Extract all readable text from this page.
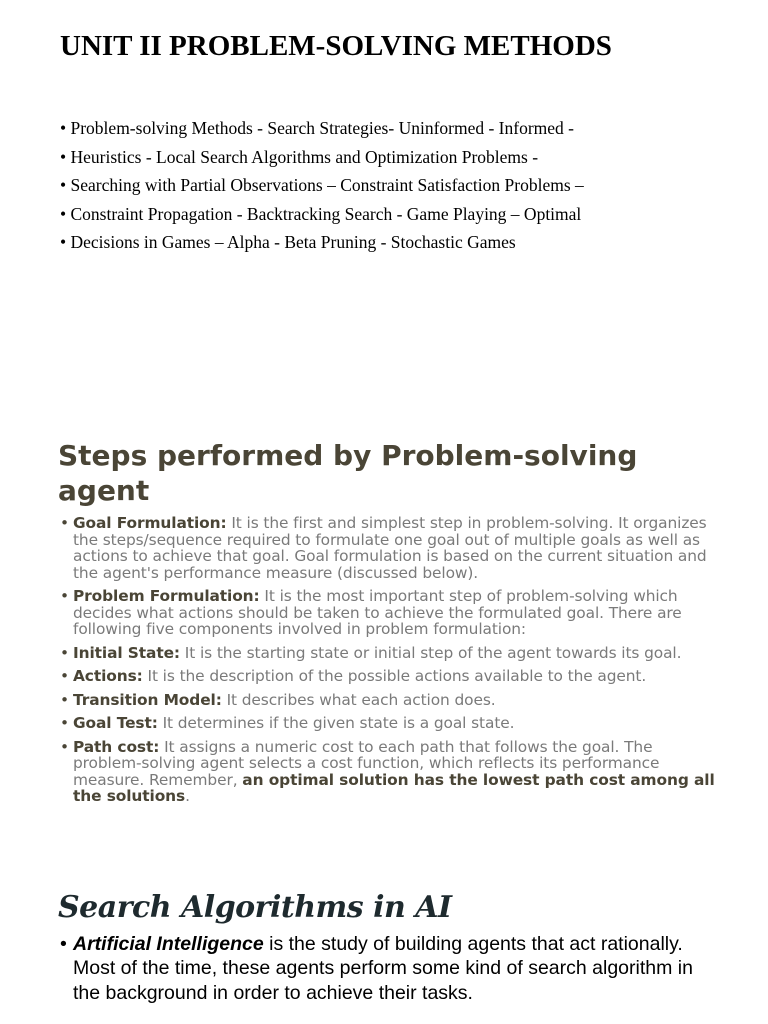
UNIT II PROBLEM-SOLVING METHODS
• Problem-solving Methods - Search Strategies- Uninformed - Informed -
• Heuristics - Local Search Algorithms and Optimization Problems -
• Searching with Partial Observations – Constraint Satisfaction Problems –
• Constraint Propagation - Backtracking Search - Game Playing – Optimal
• Decisions in Games – Alpha - Beta Pruning - Stochastic Games
Steps performed by Problem-solving agent
• Goal Formulation: It is the first and simplest step in problem-solving. It organizes the steps/sequence required to formulate one goal out of multiple goals as well as actions to achieve that goal. Goal formulation is based on the current situation and the agent's performance measure (discussed below).
• Problem Formulation: It is the most important step of problem-solving which decides what actions should be taken to achieve the formulated goal. There are following five components involved in problem formulation:
• Initial State: It is the starting state or initial step of the agent towards its goal.
• Actions: It is the description of the possible actions available to the agent.
• Transition Model: It describes what each action does.
• Goal Test: It determines if the given state is a goal state.
• Path cost: It assigns a numeric cost to each path that follows the goal. The problem-solving agent selects a cost function, which reflects its performance measure. Remember, an optimal solution has the lowest path cost among all the solutions.
Search Algorithms in AI
• Artificial Intelligence is the study of building agents that act rationally. Most of the time, these agents perform some kind of search algorithm in the background in order to achieve their tasks.
